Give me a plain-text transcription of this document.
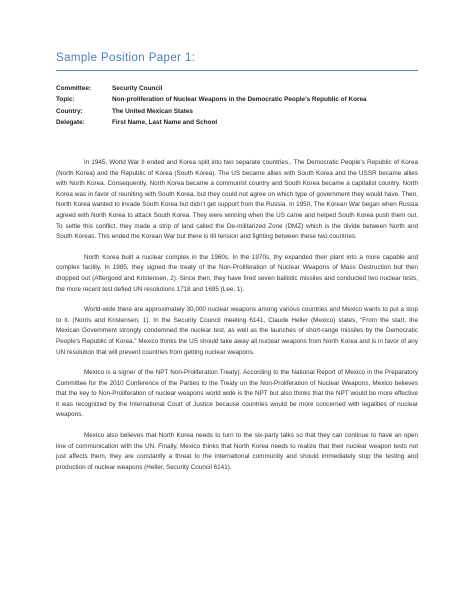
Sample Position Paper 1:
Committee:	Security Council
Topic:	Non-proliferation of Nuclear Weapons in the Democratic People’s Republic of Korea
Country:	The United Mexican States
Delegate:	First Name, Last Name and School

In 1945, World War II ended and Korea split into two separate countries., The Democratic People’s Republic of Korea (North Korea) and the Republic of Korea (South Korea). The US became allies with South Korea and the USSR became allies with North Korea. Consequently, North Korea became a communist country and South Korea became a capitalist country. North Korea was in favor of reuniting with South Korea, but they could not agree on which type of government they would have. Then, North Korea wanted to invade South Korea but didn’t get support from the Russia. In 1950, The Korean War began when Russia agreed with North Korea to attack South Korea. They were winning when the US came and helped South Korea push them out. To settle this conflict, they made a strip of land called the De-militarized Zone (DMZ) which is the divide between North and South Koreas. This ended the Korean War but there is till tension and fighting between these two countries.

North Korea built a nuclear complex in the 1960s. In the 1970s, thy expanded their plant into a more capable and complex facility. In 1985, they signed the treaty of the Non-Proliferation of Nuclear Weapons of Mass Destruction but then dropped out (Aftergood and Kristensen, 2). Since then, they have fired seven ballistic missiles and conducted two nuclear tests, the more recent test defied UN resolutions 1718 and 1695 (Lee, 1).

World-wide there are approximately 30,000 nuclear weapons among various countries and Mexico wants to put a stop to it. (Norris and Kristensen, 1). In the Security Council meeting 6141, Claude Heller (Mexico) states, “From the start, the Mexican Government strongly condemned the nuclear test, as well as the launches of short-range missiles by the Democratic People’s Republic of Korea.” Mexico thinks the US should take away all nuclear weapons from North Korea and is in favor of any UN resolution that will prevent countries from getting nuclear weapons.

Mexico is a signer of the NPT Non-Proliferation Treaty). According to the National Report of Mexico in the Preparatory Committee for the 2010 Conference of the Parties to the Treaty on the Non-Proliferation of Nuclear Weapons, Mexico believes that the key to Non-Proliferation of nuclear weapons world wide is the NPT but also thinks that the NPT would be more effective it was recognized by the International Court of Justice because countries would be more concerned with legalities of nuclear weapons.

Mexico also believes that North Korea needs to turn to the six-party talks so that they can continue to have an open line of communication with the UN. Finally, Mexico thinks that North Korea needs to realize that their nuclear weapon tests not just affects them, they are constantly a threat to the international community and should immediately stop the testing and production of nuclear weapons (Heller, Security Council 6141).
